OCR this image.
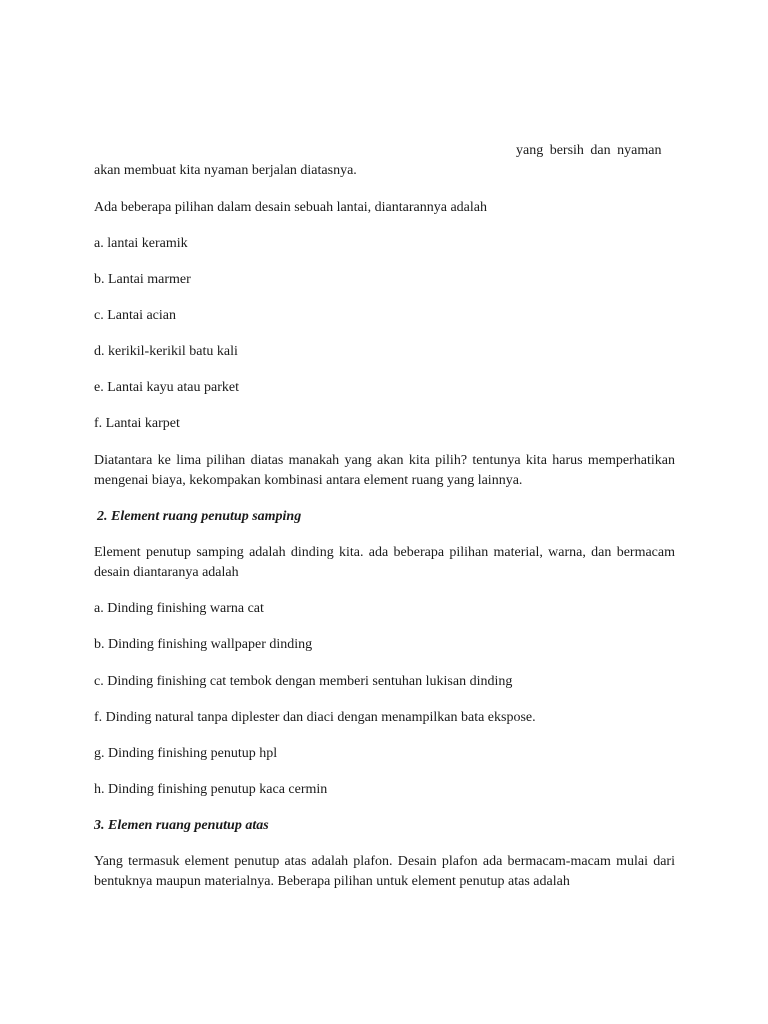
yang bersih dan nyaman
akan membuat kita nyaman berjalan diatasnya.
Ada beberapa pilihan dalam desain sebuah lantai, diantarannya adalah
a. lantai keramik
b. Lantai marmer
c. Lantai acian
d. kerikil-kerikil batu kali
e. Lantai kayu atau parket
f. Lantai karpet
Diatantara ke lima pilihan diatas manakah yang akan kita pilih? tentunya kita harus memperhatikan mengenai biaya, kekompakan kombinasi antara element ruang yang lainnya.
2. Element ruang penutup samping
Element penutup samping adalah dinding kita. ada beberapa pilihan material, warna, dan bermacam desain diantaranya adalah
a. Dinding finishing warna cat
b. Dinding finishing wallpaper dinding
c. Dinding finishing cat tembok dengan memberi sentuhan lukisan dinding
f. Dinding natural tanpa diplester dan diaci dengan menampilkan bata ekspose.
g. Dinding finishing penutup hpl
h. Dinding finishing penutup kaca cermin
3. Elemen ruang penutup atas
Yang termasuk element penutup atas adalah plafon. Desain plafon ada bermacam-macam mulai dari bentuknya maupun materialnya. Beberapa pilihan untuk element penutup atas adalah
